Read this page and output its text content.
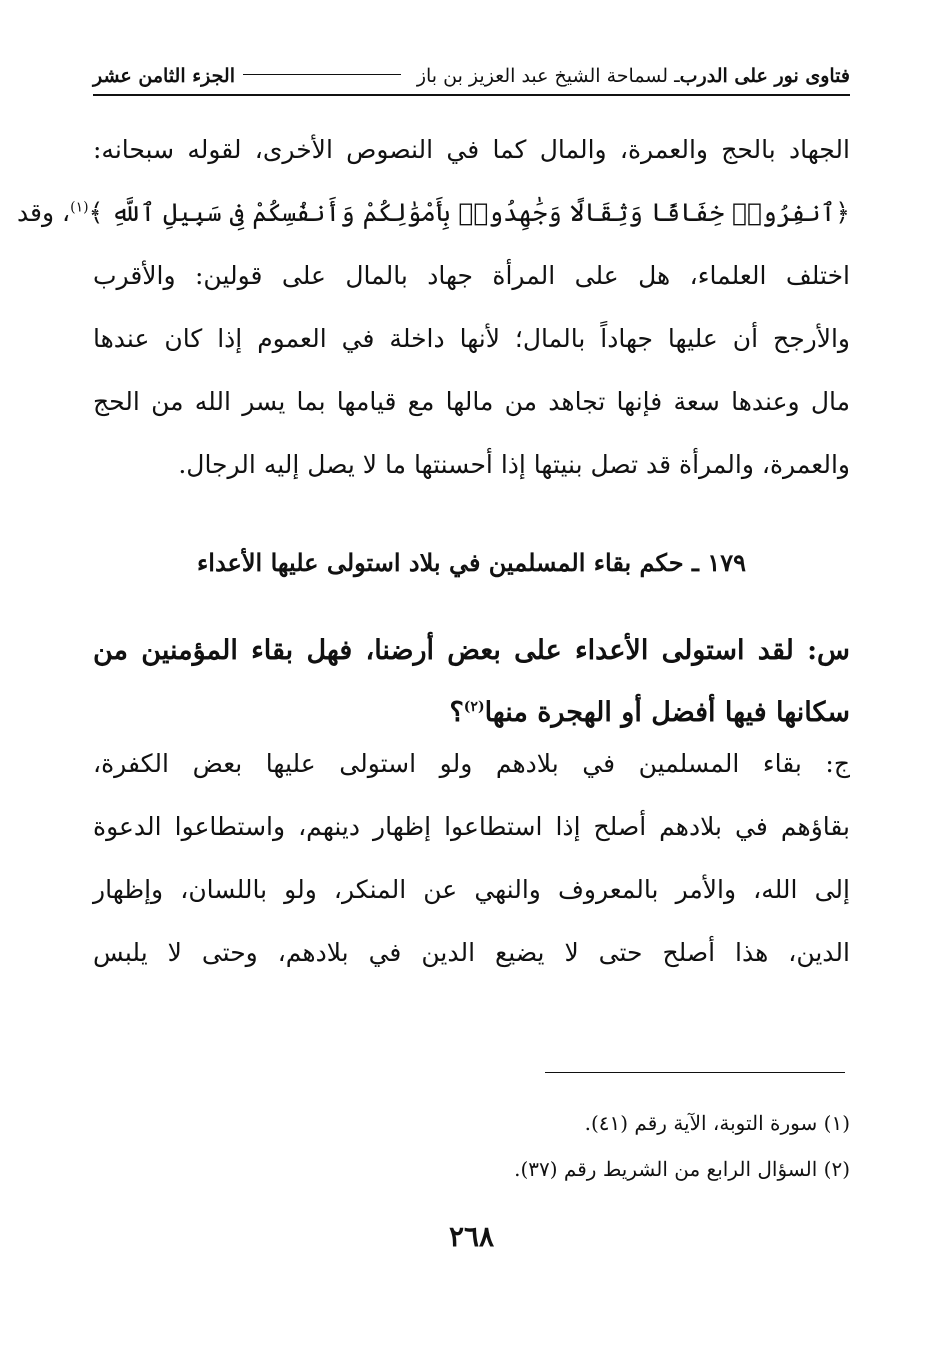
فتاوى نور على الدرب
ـ لسماحة الشيخ عبد العزيز بن باز
الجزء الثامن عشر
الجهاد بالحج والعمرة، والمال كما في النصوص الأخرى، لقوله سبحانه:
﴿ٱنفِرُوا۟ خِفَافًا وَثِقَالًا وَجَٰهِدُوا۟ بِأَمْوَٰلِكُمْ وَأَنفُسِكُمْ فِى سَبِيلِ ٱللَّهِ ﴾$^{(١)}$، وقد
اختلف العلماء، هل على المرأة جهاد بالمال على قولين: والأقرب
والأرجح أن عليها جهاداً بالمال؛ لأنها داخلة في العموم إذا كان عندها
مال وعندها سعة فإنها تجاهد من مالها مع قيامها بما يسر الله من الحج
والعمرة، والمرأة قد تصل بنيتها إذا أحسنتها ما لا يصل إليه الرجال.
١٧٩ ـ حكم بقاء المسلمين في بلاد استولى عليها الأعداء
س: لقد استولى الأعداء على بعض أرضنا، فهل بقاء المؤمنين من
سكانها فيها أفضل أو الهجرة منها$^{(٢)}$؟
ج: بقاء المسلمين في بلادهم ولو استولى عليها بعض الكفرة،
بقاؤهم في بلادهم أصلح إذا استطاعوا إظهار دينهم، واستطاعوا الدعوة
إلى الله، والأمر بالمعروف والنهي عن المنكر، ولو باللسان، وإظهار
الدين، هذا أصلح حتى لا يضيع الدين في بلادهم، وحتى لا يلبس
(١) سورة التوبة، الآية رقم (٤١).
(٢) السؤال الرابع من الشريط رقم (٣٧).
٢٦٨
